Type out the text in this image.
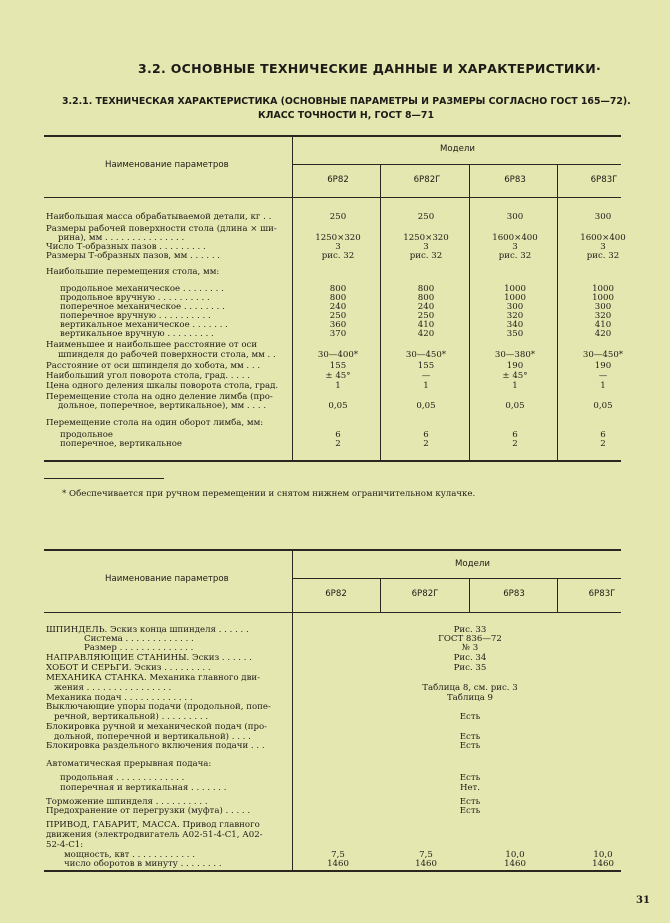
3.2. ОСНОВНЫЕ ТЕХНИЧЕСКИЕ ДАННЫЕ И ХАРАКТЕРИСТИКИ·
3.2.1. ТЕХНИЧЕСКАЯ ХАРАКТЕРИСТИКА (ОСНОВНЫЕ ПАРАМЕТРЫ И РАЗМЕРЫ СОГЛАСНО ГОСТ 165—72).
КЛАСС ТОЧНОСТИ Н, ГОСТ 8—71
Наименование параметров
Модели
6Р82	6Р82Г	6Р83	6Р83Г
Наибольшая масса обрабатываемой детали, кг . .	250	250	300	300
Размеры рабочей поверхности стола (длина × ши-
рина), мм . . . . . . . . . . . . . . .	1250×320	1250×320	1600×400	1600×400
Число Т-образных пазов . . . . . . . . .	3	3	3	3
Размеры Т-образных пазов, мм . . . . . .	рис. 32	рис. 32	рис. 32	рис. 32
Наибольшие перемещения стола, мм:
продольное механическое . . . . . . . .	800	800	1000	1000
продольное вручную . . . . . . . . . .	800	800	1000	1000
поперечное механическое . . . . . . . .	240	240	300	300
поперечное вручную . . . . . . . . . .	250	250	320	320
вертикальное механическое . . . . . . .	360	410	340	410
вертикальное вручную . . . . . . . . .	370	420	350	420
Наименьшее и наибольшее расстояние от оси
шпинделя до рабочей поверхности стола, мм . .	30—400*	30—450*	30—380*	30—450*
Расстояние от оси шпинделя до хобота, мм . . .	155	155	190	190
Наибольший угол поворота стола, град. . . . .	± 45°	—	± 45°	—
Цена одного деления шкалы поворота стола, град.	1	1	1	1
Перемещение стола на одно деление лимба (про-
дольное, поперечное, вертикальное), мм . . . .	0,05	0,05	0,05	0,05
Перемещение стола на один оборот лимба, мм:
продольное	6	6	6	6
поперечное, вертикальное	2	2	2	2
* Обеспечивается при ручном перемещении и снятом нижнем ограничительном кулачке.
Наименование параметров
Модели
6Р82	6Р82Г	6Р83	6Р83Г
ШПИНДЕЛЬ. Эскиз конца шпинделя . . . . . .	Рис. 33
Система . . . . . . . . . . . . .	ГОСТ 836—72
Размер . . . . . . . . . . . . . .	№ 3
НАПРАВЛЯЮЩИЕ СТАНИНЫ. Эскиз . . . . . .	Рис. 34
ХОБОТ И СЕРЬГИ. Эскиз . . . . . . . . .	Рис. 35
МЕХАНИКА СТАНКА. Механика главного дви-
жения . . . . . . . . . . . . . . . .	Таблица 8, см. рис. 3
Механика подач . . . . . . . . . . . . .	Таблица 9
Выключающие упоры подачи (продольной, попе-
речной, вертикальной) . . . . . . . . .	Есть
Блокировка ручной и механической подач (про-
дольной, поперечной и вертикальной) . . . .	Есть
Блокировка раздельного включения подачи . . .	Есть
Автоматическая прерывная подача:
продольная . . . . . . . . . . . . .	Есть
поперечная и вертикальная . . . . . . .	Нет.
Торможение шпинделя . . . . . . . . . .	Есть
Предохранение от перегрузки (муфта) . . . . .	Есть
ПРИВОД, ГАБАРИТ, МАССА. Привод главного
движения (электродвигатель А02-51-4-С1, А02-
52-4-С1:
мощность, квт . . . . . . . . . . . .	7,5	7,5	10,0	10,0
число оборотов в минуту . . . . . . . .	1460	1460	1460	1460
31
